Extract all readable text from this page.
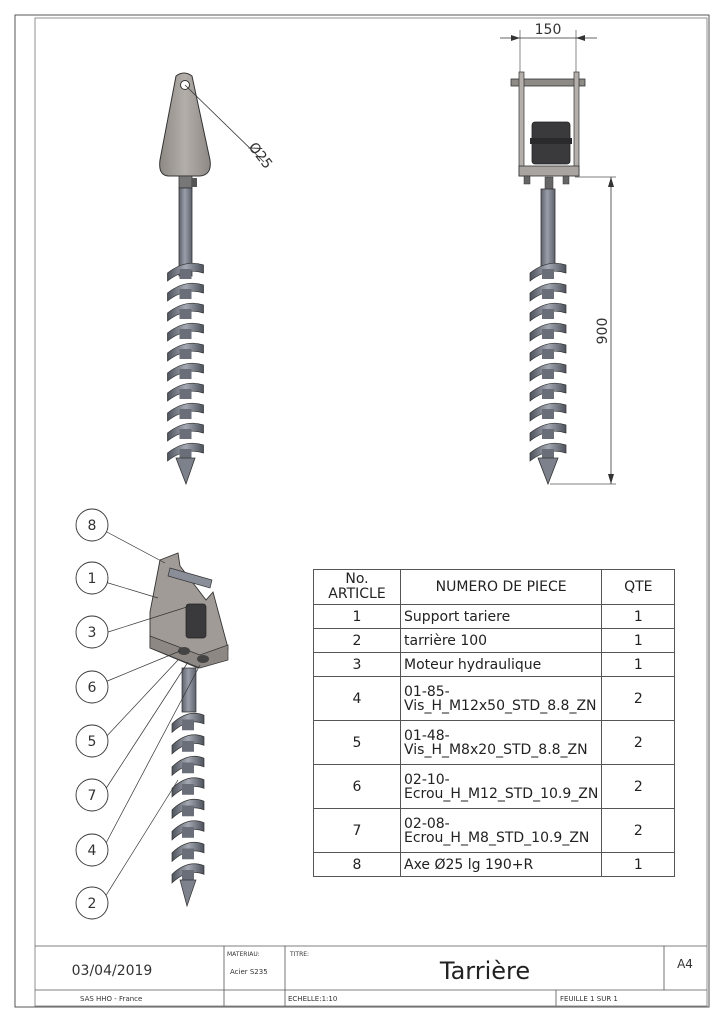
Ø25
150
900
8
1
3
6
5
7
4
2
03/04/2019
MATERIAU:
Acier S235
TITRE:
Tarrière	A4
SAS HHO - France	ECHELLE:1:10	FEUILLE 1 SUR 1
No. ARTICLE	NUMERO DE PIECE	QTE
1	Support tariere	1
2	tarrière 100	1
3	Moteur hydraulique	1
4	01-85-Vis_H_M12x50_STD_8.8_ZN	2
5	01-48-Vis_H_M8x20_STD_8.8_ZN	2
6	02-10-Ecrou_H_M12_STD_10.9_ZN	2
7	02-08-Ecrou_H_M8_STD_10.9_ZN	2
8	Axe Ø25 lg 190+R	1
